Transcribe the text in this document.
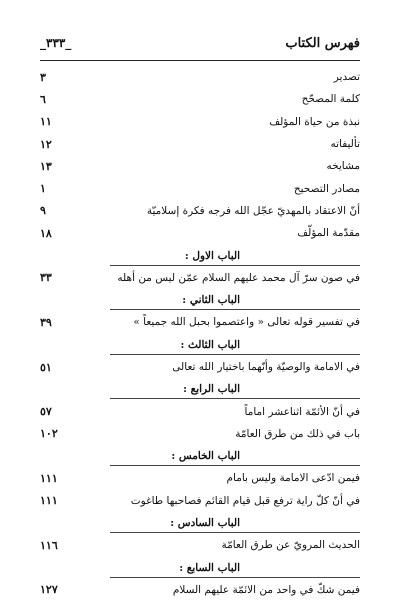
_٣٣٣_	فهرس الكتاب
تصدير
٣
كلمة المصحّح
٦
نبذة من حياة المؤلف
١١
تأليفاته
١٢
مشايخه
١٣
مصادر التصحيح
١
أنّ الاعتقاد بالمهديّ عجّل الله فرجه فكرة إسلاميّة
٩
مقدّمة المؤلّف
١٨
الباب الاول :
في صون سرّ آل محمد عليهم السلام عمّن ليس من أهله
٣٣
الباب الثاني :
في تفسير قوله تعالى « واعتصموا بحبل الله جميعاً »
٣٩
الباب الثالث :
في الامامة والوصيّة وأنّهما باختيار الله تعالى
٥١
الباب الرابع :
في أنّ الأئمّة اثناعشر اماماً
٥٧
باب في ذلك من طرق العامّة
١٠٢
الباب الخامس :
فيمن ادّعى الامامة وليس بامام
١١١
في أنّ كلّ راية ترفع قبل قيام القائم فصاحبها طاغوت
١١١
الباب السادس :
الحديث المرويّ عن طرق العامّة
١١٦
الباب السابع :
فيمن شكّ في واحد من الائمّة عليهم السلام
١٢٧
